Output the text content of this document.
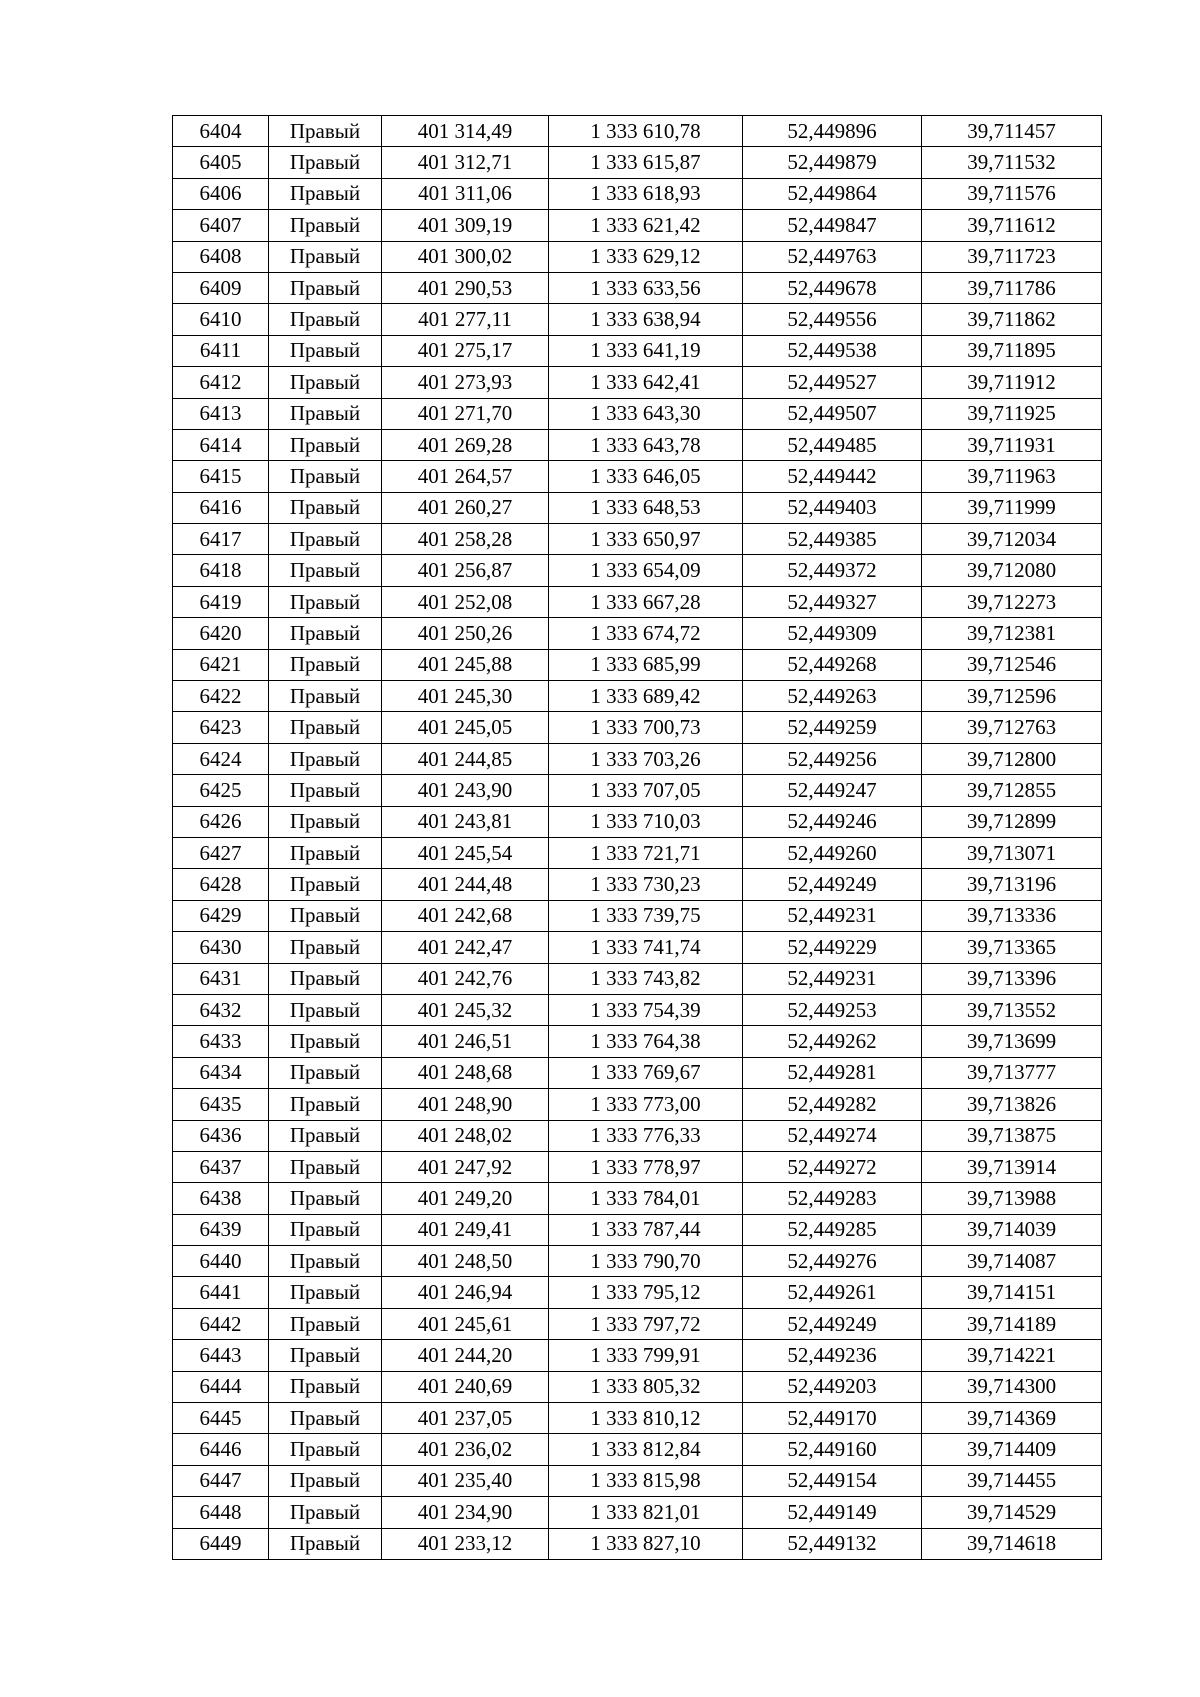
6404	Правый	401 314,49	1 333 610,78	52,449896	39,711457
6405	Правый	401 312,71	1 333 615,87	52,449879	39,711532
6406	Правый	401 311,06	1 333 618,93	52,449864	39,711576
6407	Правый	401 309,19	1 333 621,42	52,449847	39,711612
6408	Правый	401 300,02	1 333 629,12	52,449763	39,711723
6409	Правый	401 290,53	1 333 633,56	52,449678	39,711786
6410	Правый	401 277,11	1 333 638,94	52,449556	39,711862
6411	Правый	401 275,17	1 333 641,19	52,449538	39,711895
6412	Правый	401 273,93	1 333 642,41	52,449527	39,711912
6413	Правый	401 271,70	1 333 643,30	52,449507	39,711925
6414	Правый	401 269,28	1 333 643,78	52,449485	39,711931
6415	Правый	401 264,57	1 333 646,05	52,449442	39,711963
6416	Правый	401 260,27	1 333 648,53	52,449403	39,711999
6417	Правый	401 258,28	1 333 650,97	52,449385	39,712034
6418	Правый	401 256,87	1 333 654,09	52,449372	39,712080
6419	Правый	401 252,08	1 333 667,28	52,449327	39,712273
6420	Правый	401 250,26	1 333 674,72	52,449309	39,712381
6421	Правый	401 245,88	1 333 685,99	52,449268	39,712546
6422	Правый	401 245,30	1 333 689,42	52,449263	39,712596
6423	Правый	401 245,05	1 333 700,73	52,449259	39,712763
6424	Правый	401 244,85	1 333 703,26	52,449256	39,712800
6425	Правый	401 243,90	1 333 707,05	52,449247	39,712855
6426	Правый	401 243,81	1 333 710,03	52,449246	39,712899
6427	Правый	401 245,54	1 333 721,71	52,449260	39,713071
6428	Правый	401 244,48	1 333 730,23	52,449249	39,713196
6429	Правый	401 242,68	1 333 739,75	52,449231	39,713336
6430	Правый	401 242,47	1 333 741,74	52,449229	39,713365
6431	Правый	401 242,76	1 333 743,82	52,449231	39,713396
6432	Правый	401 245,32	1 333 754,39	52,449253	39,713552
6433	Правый	401 246,51	1 333 764,38	52,449262	39,713699
6434	Правый	401 248,68	1 333 769,67	52,449281	39,713777
6435	Правый	401 248,90	1 333 773,00	52,449282	39,713826
6436	Правый	401 248,02	1 333 776,33	52,449274	39,713875
6437	Правый	401 247,92	1 333 778,97	52,449272	39,713914
6438	Правый	401 249,20	1 333 784,01	52,449283	39,713988
6439	Правый	401 249,41	1 333 787,44	52,449285	39,714039
6440	Правый	401 248,50	1 333 790,70	52,449276	39,714087
6441	Правый	401 246,94	1 333 795,12	52,449261	39,714151
6442	Правый	401 245,61	1 333 797,72	52,449249	39,714189
6443	Правый	401 244,20	1 333 799,91	52,449236	39,714221
6444	Правый	401 240,69	1 333 805,32	52,449203	39,714300
6445	Правый	401 237,05	1 333 810,12	52,449170	39,714369
6446	Правый	401 236,02	1 333 812,84	52,449160	39,714409
6447	Правый	401 235,40	1 333 815,98	52,449154	39,714455
6448	Правый	401 234,90	1 333 821,01	52,449149	39,714529
6449	Правый	401 233,12	1 333 827,10	52,449132	39,714618
